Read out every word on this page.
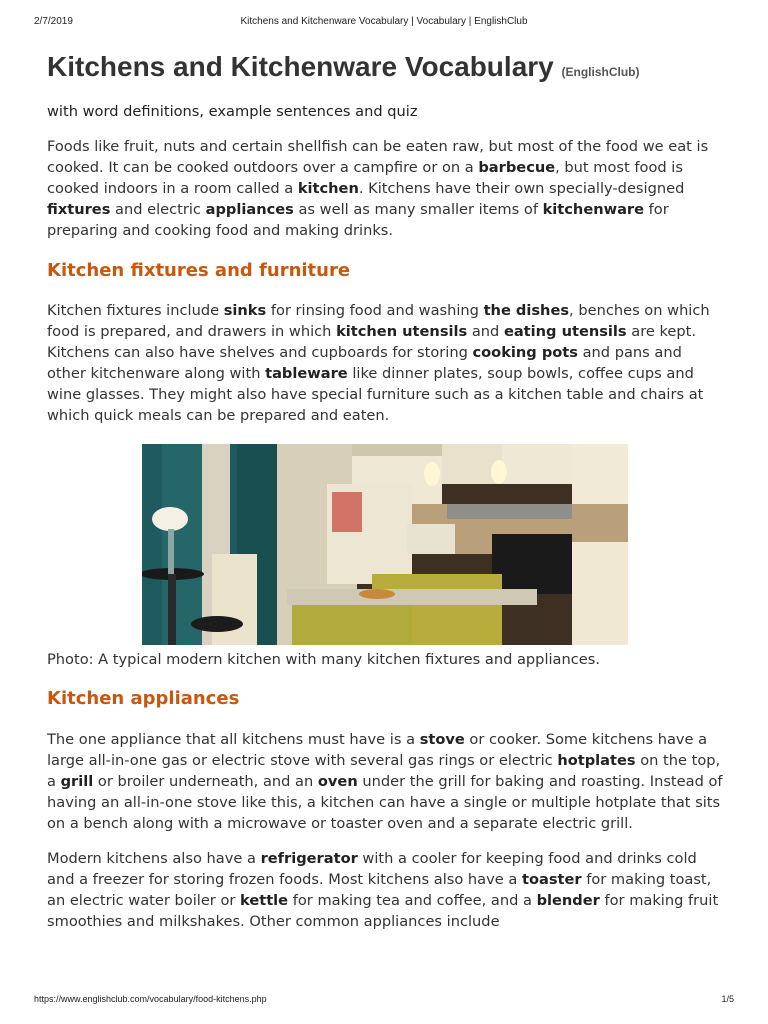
2/7/2019	Kitchens and Kitchenware Vocabulary | Vocabulary | EnglishClub
Kitchens and Kitchenware Vocabulary (EnglishClub)
with word definitions, example sentences and quiz

Foods like fruit, nuts and certain shellfish can be eaten raw, but most of the food we eat is cooked. It can be cooked outdoors over a campfire or on a barbecue, but most food is cooked indoors in a room called a kitchen. Kitchens have their own specially-designed fixtures and electric appliances as well as many smaller items of kitchenware for preparing and cooking food and making drinks.

Kitchen fixtures and furniture

Kitchen fixtures include sinks for rinsing food and washing the dishes, benches on which food is prepared, and drawers in which kitchen utensils and eating utensils are kept. Kitchens can also have shelves and cupboards for storing cooking pots and pans and other kitchenware along with tableware like dinner plates, soup bowls, coffee cups and wine glasses. They might also have special furniture such as a kitchen table and chairs at which quick meals can be prepared and eaten.

Photo: A typical modern kitchen with many kitchen fixtures and appliances.
Kitchen appliances

The one appliance that all kitchens must have is a stove or cooker. Some kitchens have a large all-in-one gas or electric stove with several gas rings or electric hotplates on the top, a grill or broiler underneath, and an oven under the grill for baking and roasting. Instead of having an all-in-one stove like this, a kitchen can have a single or multiple hotplate that sits on a bench along with a microwave or toaster oven and a separate electric grill.

Modern kitchens also have a refrigerator with a cooler for keeping food and drinks cold and a freezer for storing frozen foods. Most kitchens also have a toaster for making toast, an electric water boiler or kettle for making tea and coffee, and a blender for making fruit smoothies and milkshakes. Other common appliances include

https://www.englishclub.com/vocabulary/food-kitchens.php	1/5
